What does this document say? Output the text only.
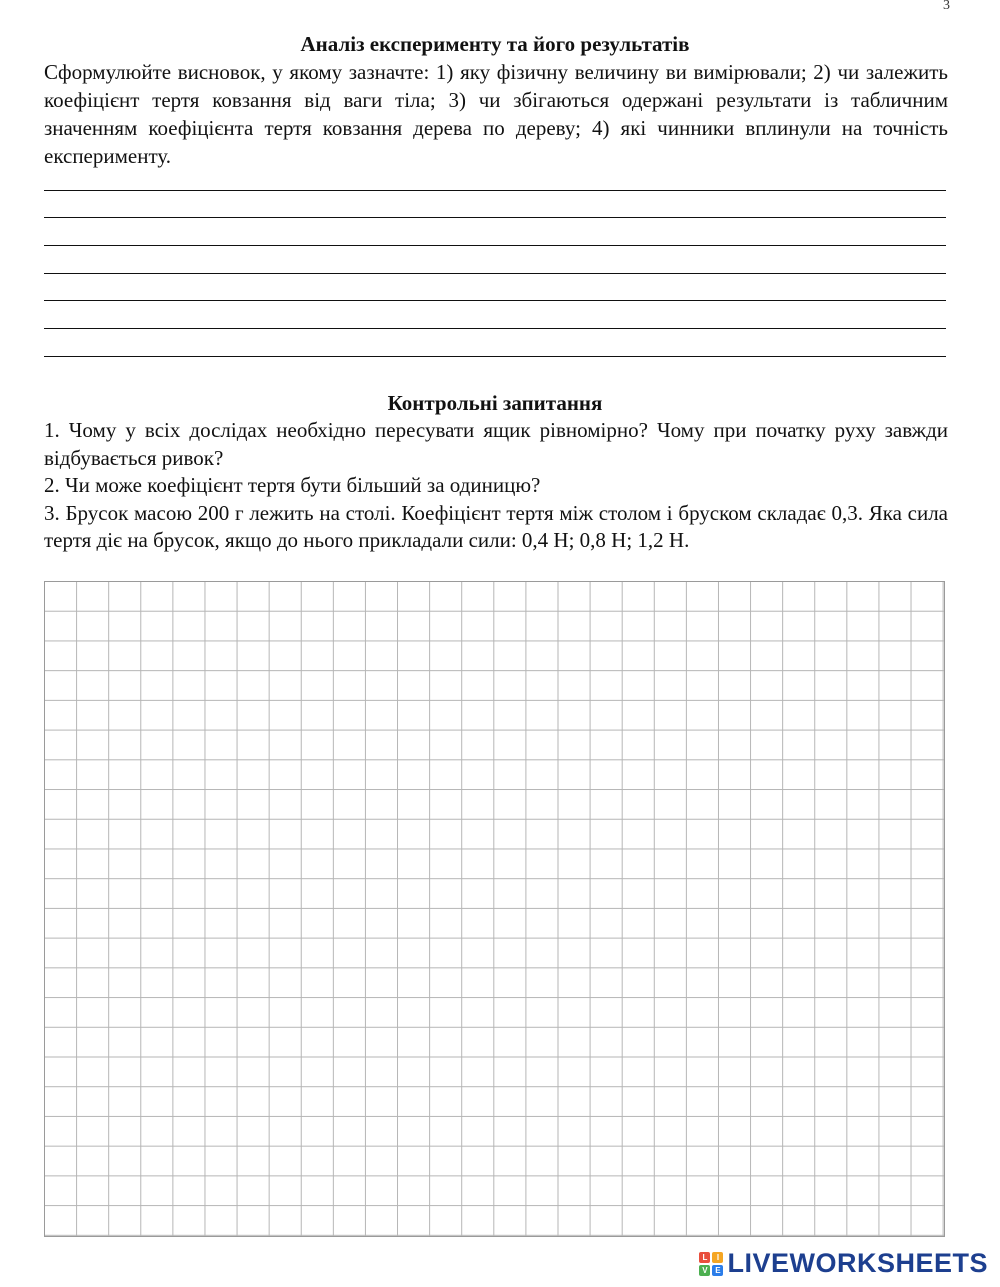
3
Аналіз експерименту та його результатів

Сформулюйте висновок, у якому зазначте: 1) яку фізичну величину ви вимірювали; 2) чи залежить коефіцієнт тертя ковзання від ваги тіла; 3) чи збігаються одержані результати із табличним значенням коефіцієнта тертя ковзання дерева по дереву; 4) які чинники вплинули на точність експерименту.

Контрольні запитання

1. Чому у всіх дослідах необхідно пересувати ящик рівномірно? Чому при початку руху завжди відбувається ривок?

2. Чи може коефіцієнт тертя бути більший за одиницю?

3. Брусок масою 200 г лежить на столі. Коефіцієнт тертя між столом і бруском складає 0,3. Яка сила тертя діє на брусок, якщо до нього прикладали сили: 0,4 Н; 0,8 Н; 1,2 Н.

L	I
V E LIVEWORKSHEETS
